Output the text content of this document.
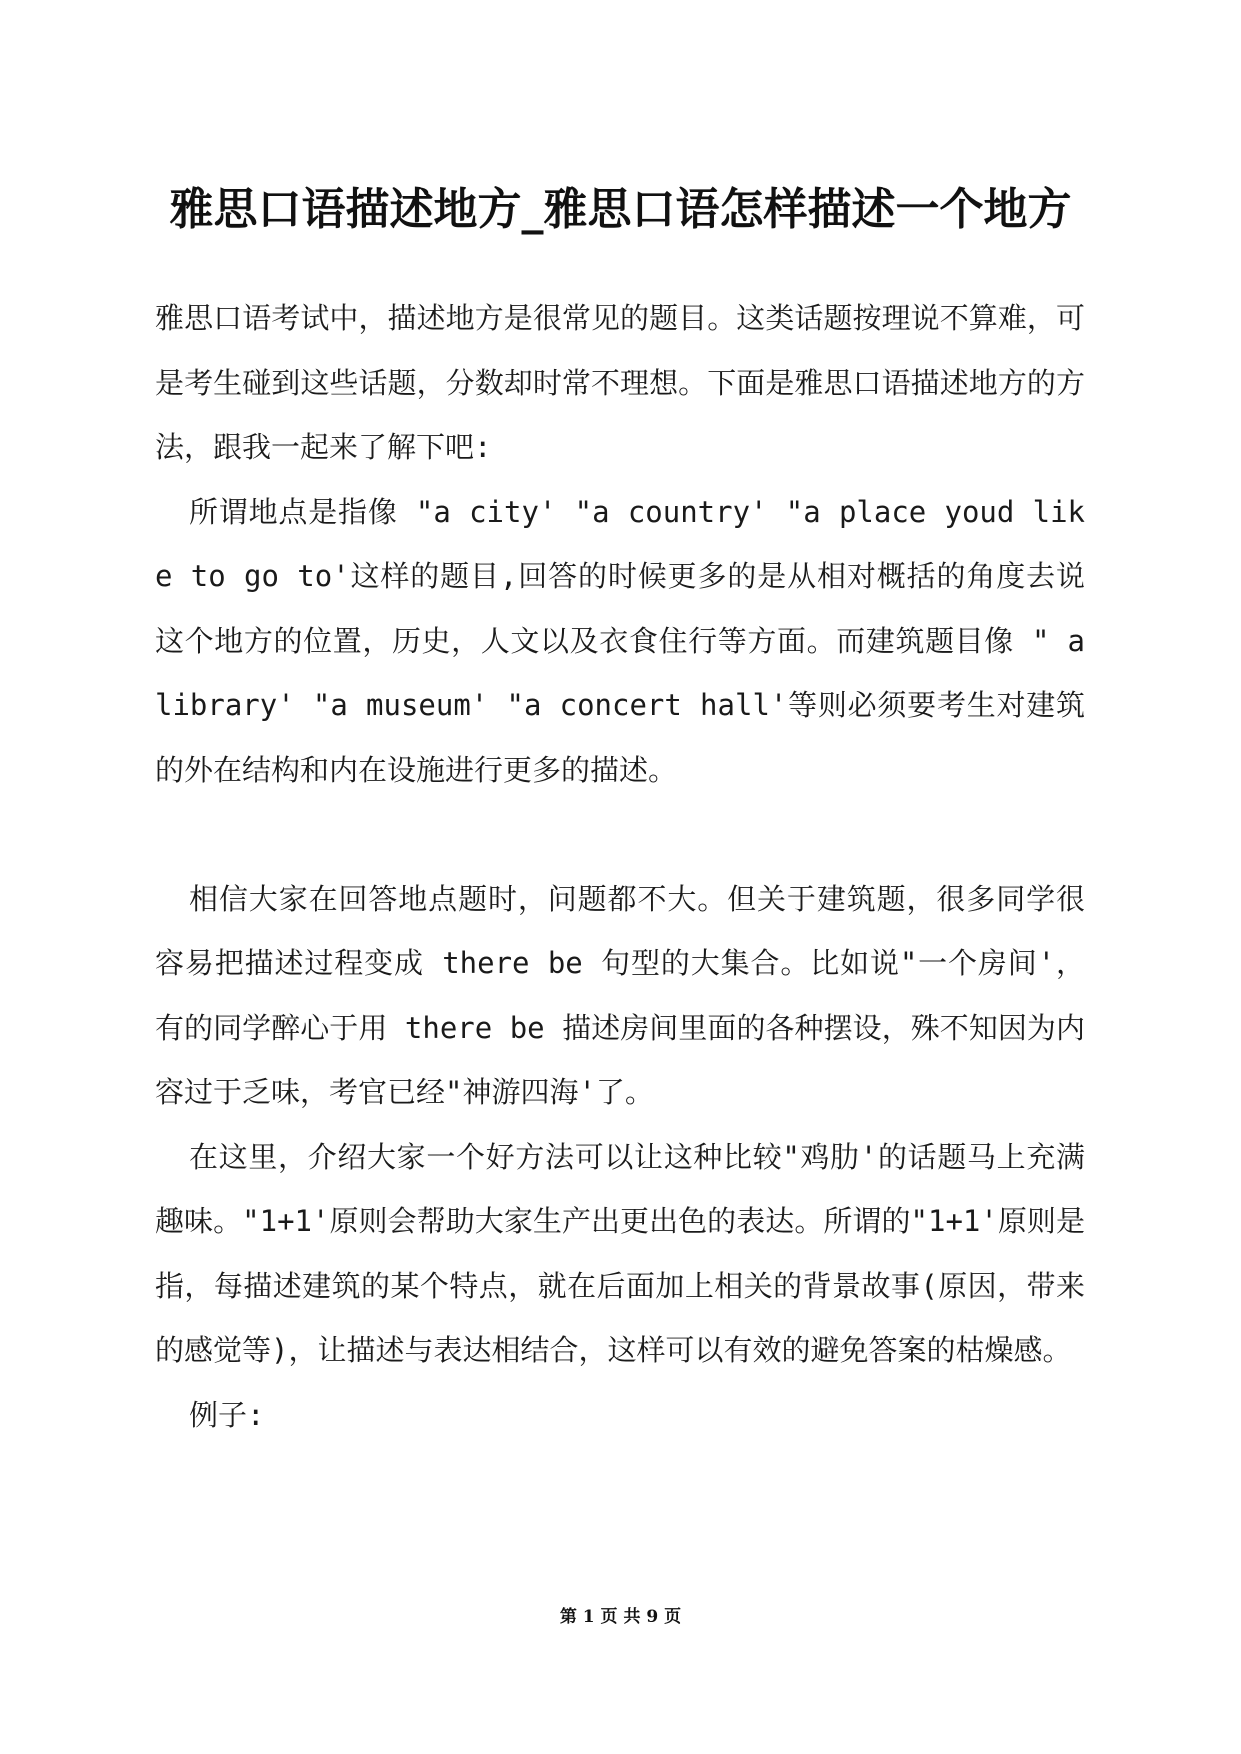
雅思口语描述地方_雅思口语怎样描述一个地方

雅思口语考试中，描述地方是很常见的题目。这类话题按理说不算难，可是考生碰到这些话题，分数却时常不理想。下面是雅思口语描述地方的方法，跟我一起来了解下吧:

所谓地点是指像 "a city' "a country' "a place youd like to go to'这样的题目,回答的时候更多的是从相对概括的角度去说这个地方的位置，历史，人文以及衣食住行等方面。而建筑题目像 " a library' "a museum' "a concert hall'等则必须要考生对建筑的外在结构和内在设施进行更多的描述。

相信大家在回答地点题时，问题都不大。但关于建筑题，很多同学很容易把描述过程变成 there be 句型的大集合。比如说"一个房间'， 有的同学醉心于用 there be 描述房间里面的各种摆设，殊不知因为内容过于乏味，考官已经"神游四海'了。

在这里，介绍大家一个好方法可以让这种比较"鸡肋'的话题马上充满趣味。"1+1'原则会帮助大家生产出更出色的表达。所谓的"1+1'原则是指，每描述建筑的某个特点，就在后面加上相关的背景故事(原因，带来的感觉等)，让描述与表达相结合，这样可以有效的避免答案的枯燥感。

例子:

第 1 页 共 9 页
